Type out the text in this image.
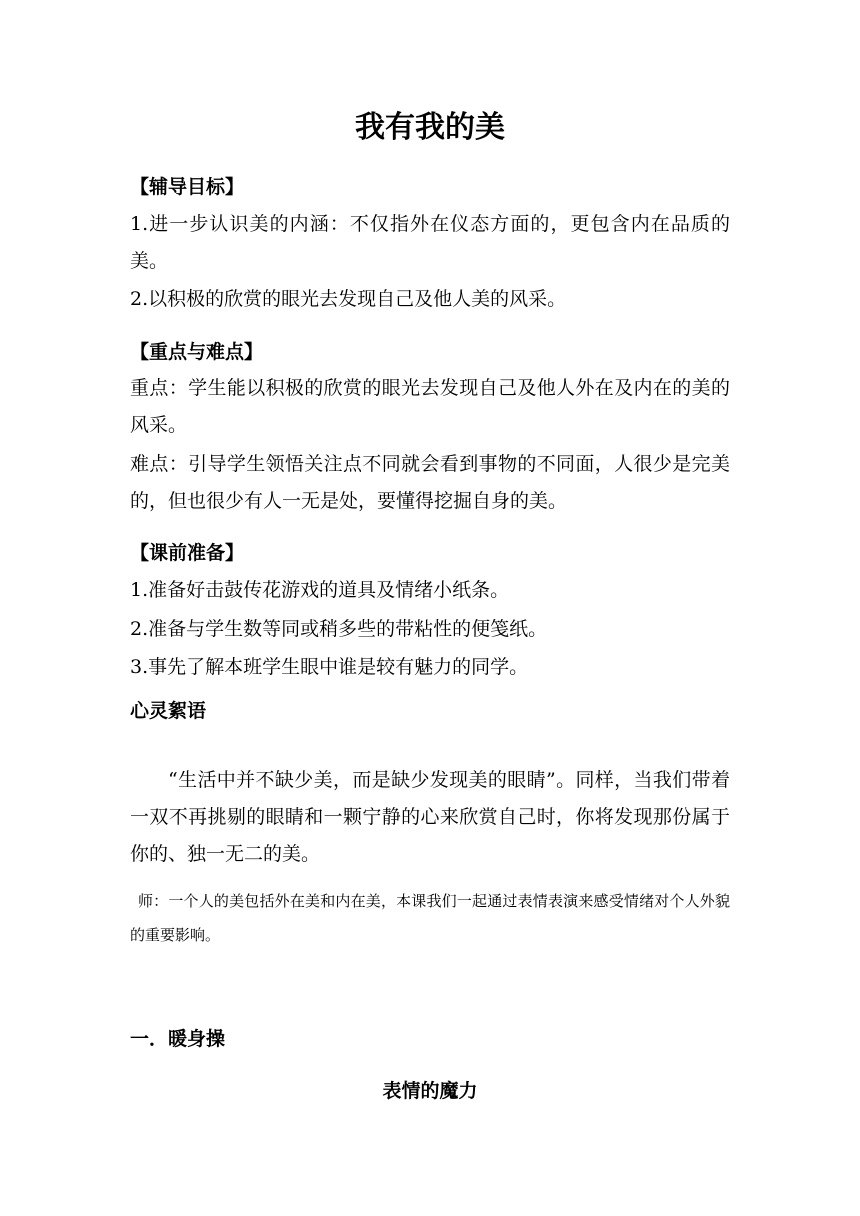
我有我的美
【辅导目标】
1.进一步认识美的内涵：不仅指外在仪态方面的，更包含内在品质的美。
2.以积极的欣赏的眼光去发现自己及他人美的风采。
【重点与难点】
重点：学生能以积极的欣赏的眼光去发现自己及他人外在及内在的美的风采。
难点：引导学生领悟关注点不同就会看到事物的不同面，人很少是完美的，但也很少有人一无是处，要懂得挖掘自身的美。
【课前准备】
1.准备好击鼓传花游戏的道具及情绪小纸条。
2.准备与学生数等同或稍多些的带粘性的便笺纸。
3.事先了解本班学生眼中谁是较有魅力的同学。
心灵絮语
“生活中并不缺少美，而是缺少发现美的眼睛”。同样，当我们带着一双不再挑剔的眼睛和一颗宁静的心来欣赏自己时，你将发现那份属于你的、独一无二的美。
师：一个人的美包括外在美和内在美，本课我们一起通过表情表演来感受情绪对个人外貌的重要影响。
一．暖身操
表情的魔力
